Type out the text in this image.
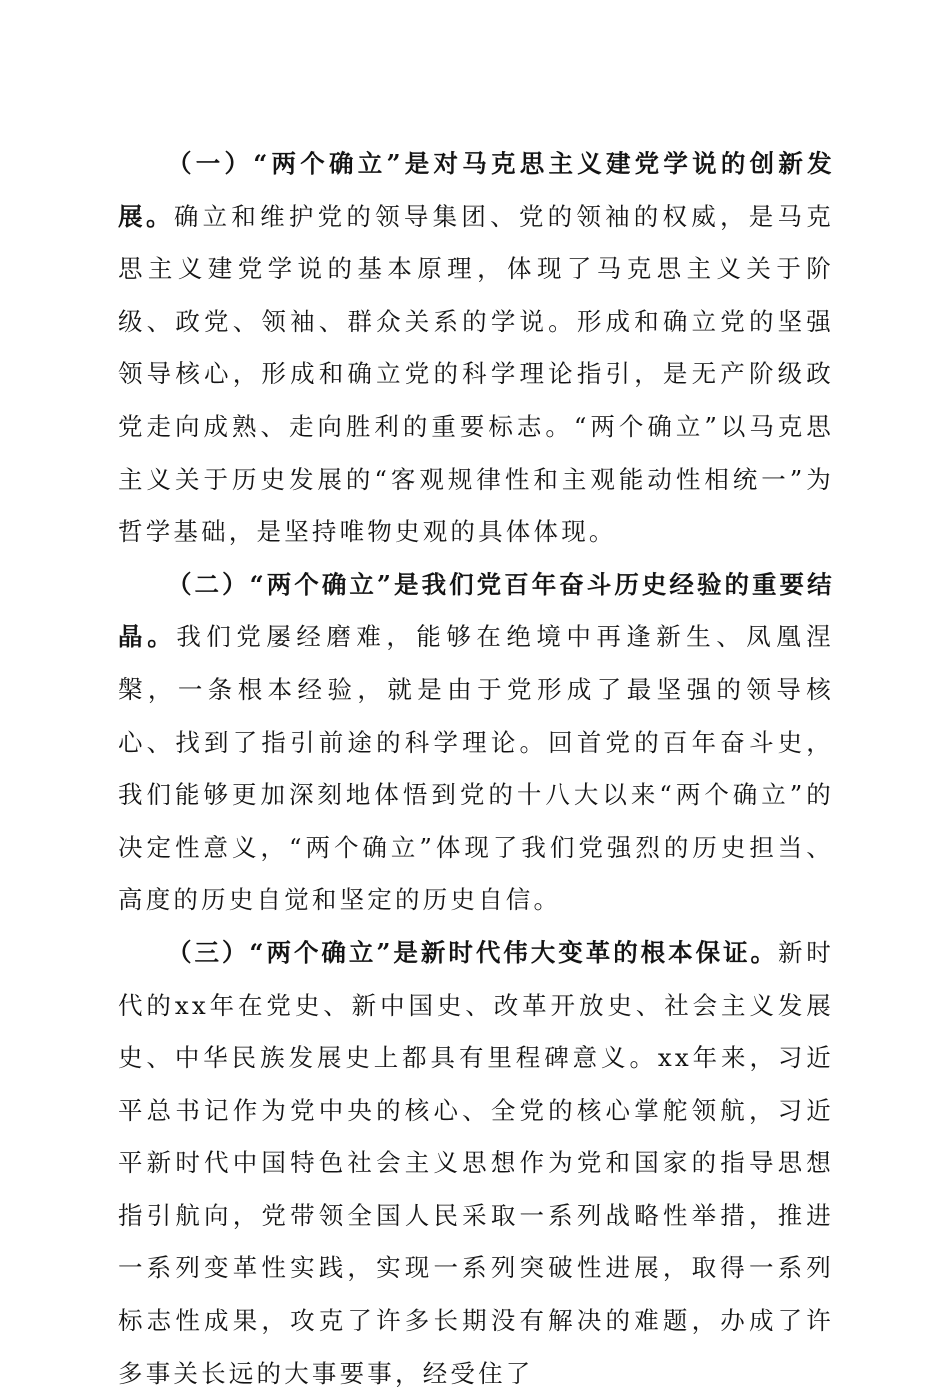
（一）“两个确立”是对马克思主义建党学说的创新发展。确立和维护党的领导集团、党的领袖的权威，是马克思主义建党学说的基本原理，体现了马克思主义关于阶级、政党、领袖、群众关系的学说。形成和确立党的坚强领导核心，形成和确立党的科学理论指引，是无产阶级政党走向成熟、走向胜利的重要标志。“两个确立”以马克思主义关于历史发展的“客观规律性和主观能动性相统一”为哲学基础，是坚持唯物史观的具体体现。

（二）“两个确立”是我们党百年奋斗历史经验的重要结晶。我们党屡经磨难，能够在绝境中再逢新生、凤凰涅槃，一条根本经验，就是由于党形成了最坚强的领导核心、找到了指引前途的科学理论。回首党的百年奋斗史，我们能够更加深刻地体悟到党的十八大以来“两个确立”的决定性意义，“两个确立”体现了我们党强烈的历史担当、高度的历史自觉和坚定的历史自信。

（三）“两个确立”是新时代伟大变革的根本保证。新时代的xx年在党史、新中国史、改革开放史、社会主义发展史、中华民族发展史上都具有里程碑意义。xx年来，习近平总书记作为党中央的核心、全党的核心掌舵领航，习近平新时代中国特色社会主义思想作为党和国家的指导思想指引航向，党带领全国人民采取一系列战略性举措，推进一系列变革性实践，实现一系列突破性进展，取得一系列标志性成果，攻克了许多长期没有解决的难题，办成了许多事关长远的大事要事，经受住了
